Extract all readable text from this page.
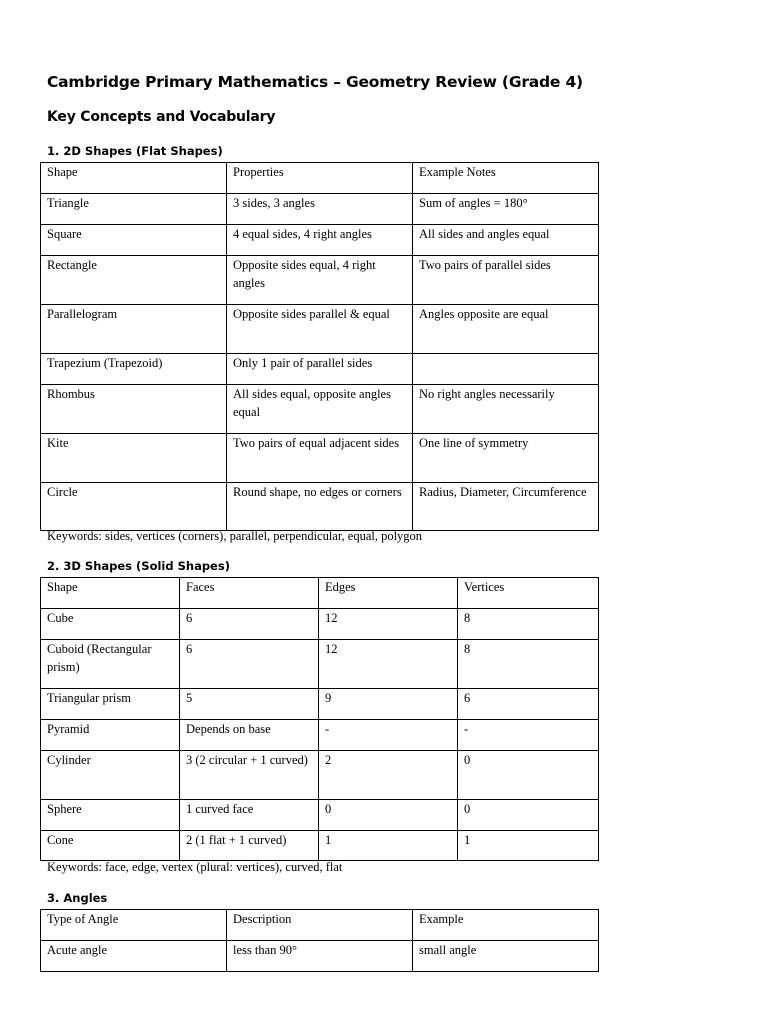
Cambridge Primary Mathematics – Geometry Review (Grade 4)
Key Concepts and Vocabulary
1. 2D Shapes (Flat Shapes)
Shape	Properties	Example Notes
Triangle	3 sides, 3 angles	Sum of angles = 180°
Square	4 equal sides, 4 right angles	All sides and angles equal
Rectangle	Opposite sides equal, 4 right angles	Two pairs of parallel sides
Parallelogram	Opposite sides parallel & equal	Angles opposite are equal
Trapezium (Trapezoid)	Only 1 pair of parallel sides	
Rhombus	All sides equal, opposite angles equal	No right angles necessarily
Kite	Two pairs of equal adjacent sides	One line of symmetry
Circle	Round shape, no edges or corners	Radius, Diameter, Circumference
Keywords: sides, vertices (corners), parallel, perpendicular, equal, polygon
2. 3D Shapes (Solid Shapes)
Shape	Faces	Edges	Vertices
Cube	6	12	8
Cuboid (Rectangular prism)	6	12	8
Triangular prism	5	9	6
Pyramid	Depends on base	-	-
Cylinder	3 (2 circular + 1 curved)	2	0
Sphere	1 curved face	0	0
Cone	2 (1 flat + 1 curved)	1	1
Keywords: face, edge, vertex (plural: vertices), curved, flat
3. Angles
Type of Angle	Description	Example
Acute angle	less than 90°	small angle
